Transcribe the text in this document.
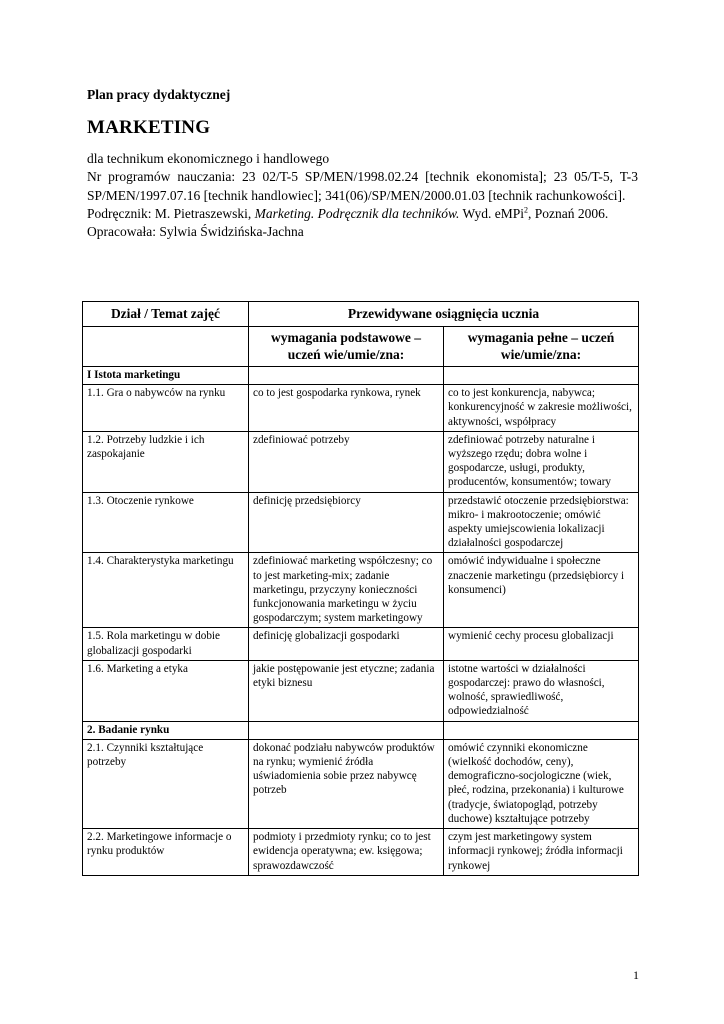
Plan pracy dydaktycznej
MARKETING

dla technikum ekonomicznego i handlowego

Nr programów nauczania: 23 02/T-5 SP/MEN/1998.02.24 [technik ekonomista]; 23 05/T-5, T-3 SP/MEN/1997.07.16 [technik handlowiec]; 341(06)/SP/MEN/2000.01.03 [technik rachunkowości].

Podręcznik: M. Pietraszewski, Marketing. Podręcznik dla techników. Wyd. eMPi$^2$, Poznań 2006.

Opracowała: Sylwia Świdzińska-Jachna

Dział / Temat zajęć	Przewidywane osiągnięcia ucznia	
	wymagania podstawowe – uczeń wie/umie/zna:	wymagania pełne – uczeń wie/umie/zna:
I Istota marketingu		
1.1. Gra o nabywców na rynku	co to jest gospodarka rynkowa, rynek	co to jest konkurencja, nabywca; konkurencyjność w zakresie możliwości, aktywności, współpracy
1.2. Potrzeby ludzkie i ich zaspokajanie	zdefiniować potrzeby	zdefiniować potrzeby naturalne i wyższego rzędu; dobra wolne i gospodarcze, usługi, produkty, producentów, konsumentów; towary
1.3. Otoczenie rynkowe	definicję przedsiębiorcy	przedstawić otoczenie przedsiębiorstwa: mikro- i makrootoczenie; omówić aspekty umiejscowienia lokalizacji działalności gospodarczej
1.4. Charakterystyka marketingu	zdefiniować marketing współczesny; co to jest marketing-mix; zadanie marketingu, przyczyny konieczności funkcjonowania marketingu w życiu gospodarczym; system marketingowy	omówić indywidualne i społeczne znaczenie marketingu (przedsiębiorcy i konsumenci)
1.5. Rola marketingu w dobie globalizacji gospodarki	definicję globalizacji gospodarki	wymienić cechy procesu globalizacji
1.6. Marketing a etyka	jakie postępowanie jest etyczne; zadania etyki biznesu	istotne wartości w działalności gospodarczej: prawo do własności, wolność, sprawiedliwość, odpowiedzialność
2. Badanie rynku		
2.1. Czynniki kształtujące potrzeby	dokonać podziału nabywców produktów na rynku; wymienić źródła uświadomienia sobie przez nabywcę potrzeb	omówić czynniki ekonomiczne (wielkość dochodów, ceny), demograficzno-socjologiczne (wiek, płeć, rodzina, przekonania) i kulturowe (tradycje, światopogląd, potrzeby duchowe) kształtujące potrzeby
2.2. Marketingowe informacje o rynku produktów	podmioty i przedmioty rynku; co to jest ewidencja operatywna; ew. księgowa; sprawozdawczość	czym jest marketingowy system informacji rynkowej; źródła informacji rynkowej
1
